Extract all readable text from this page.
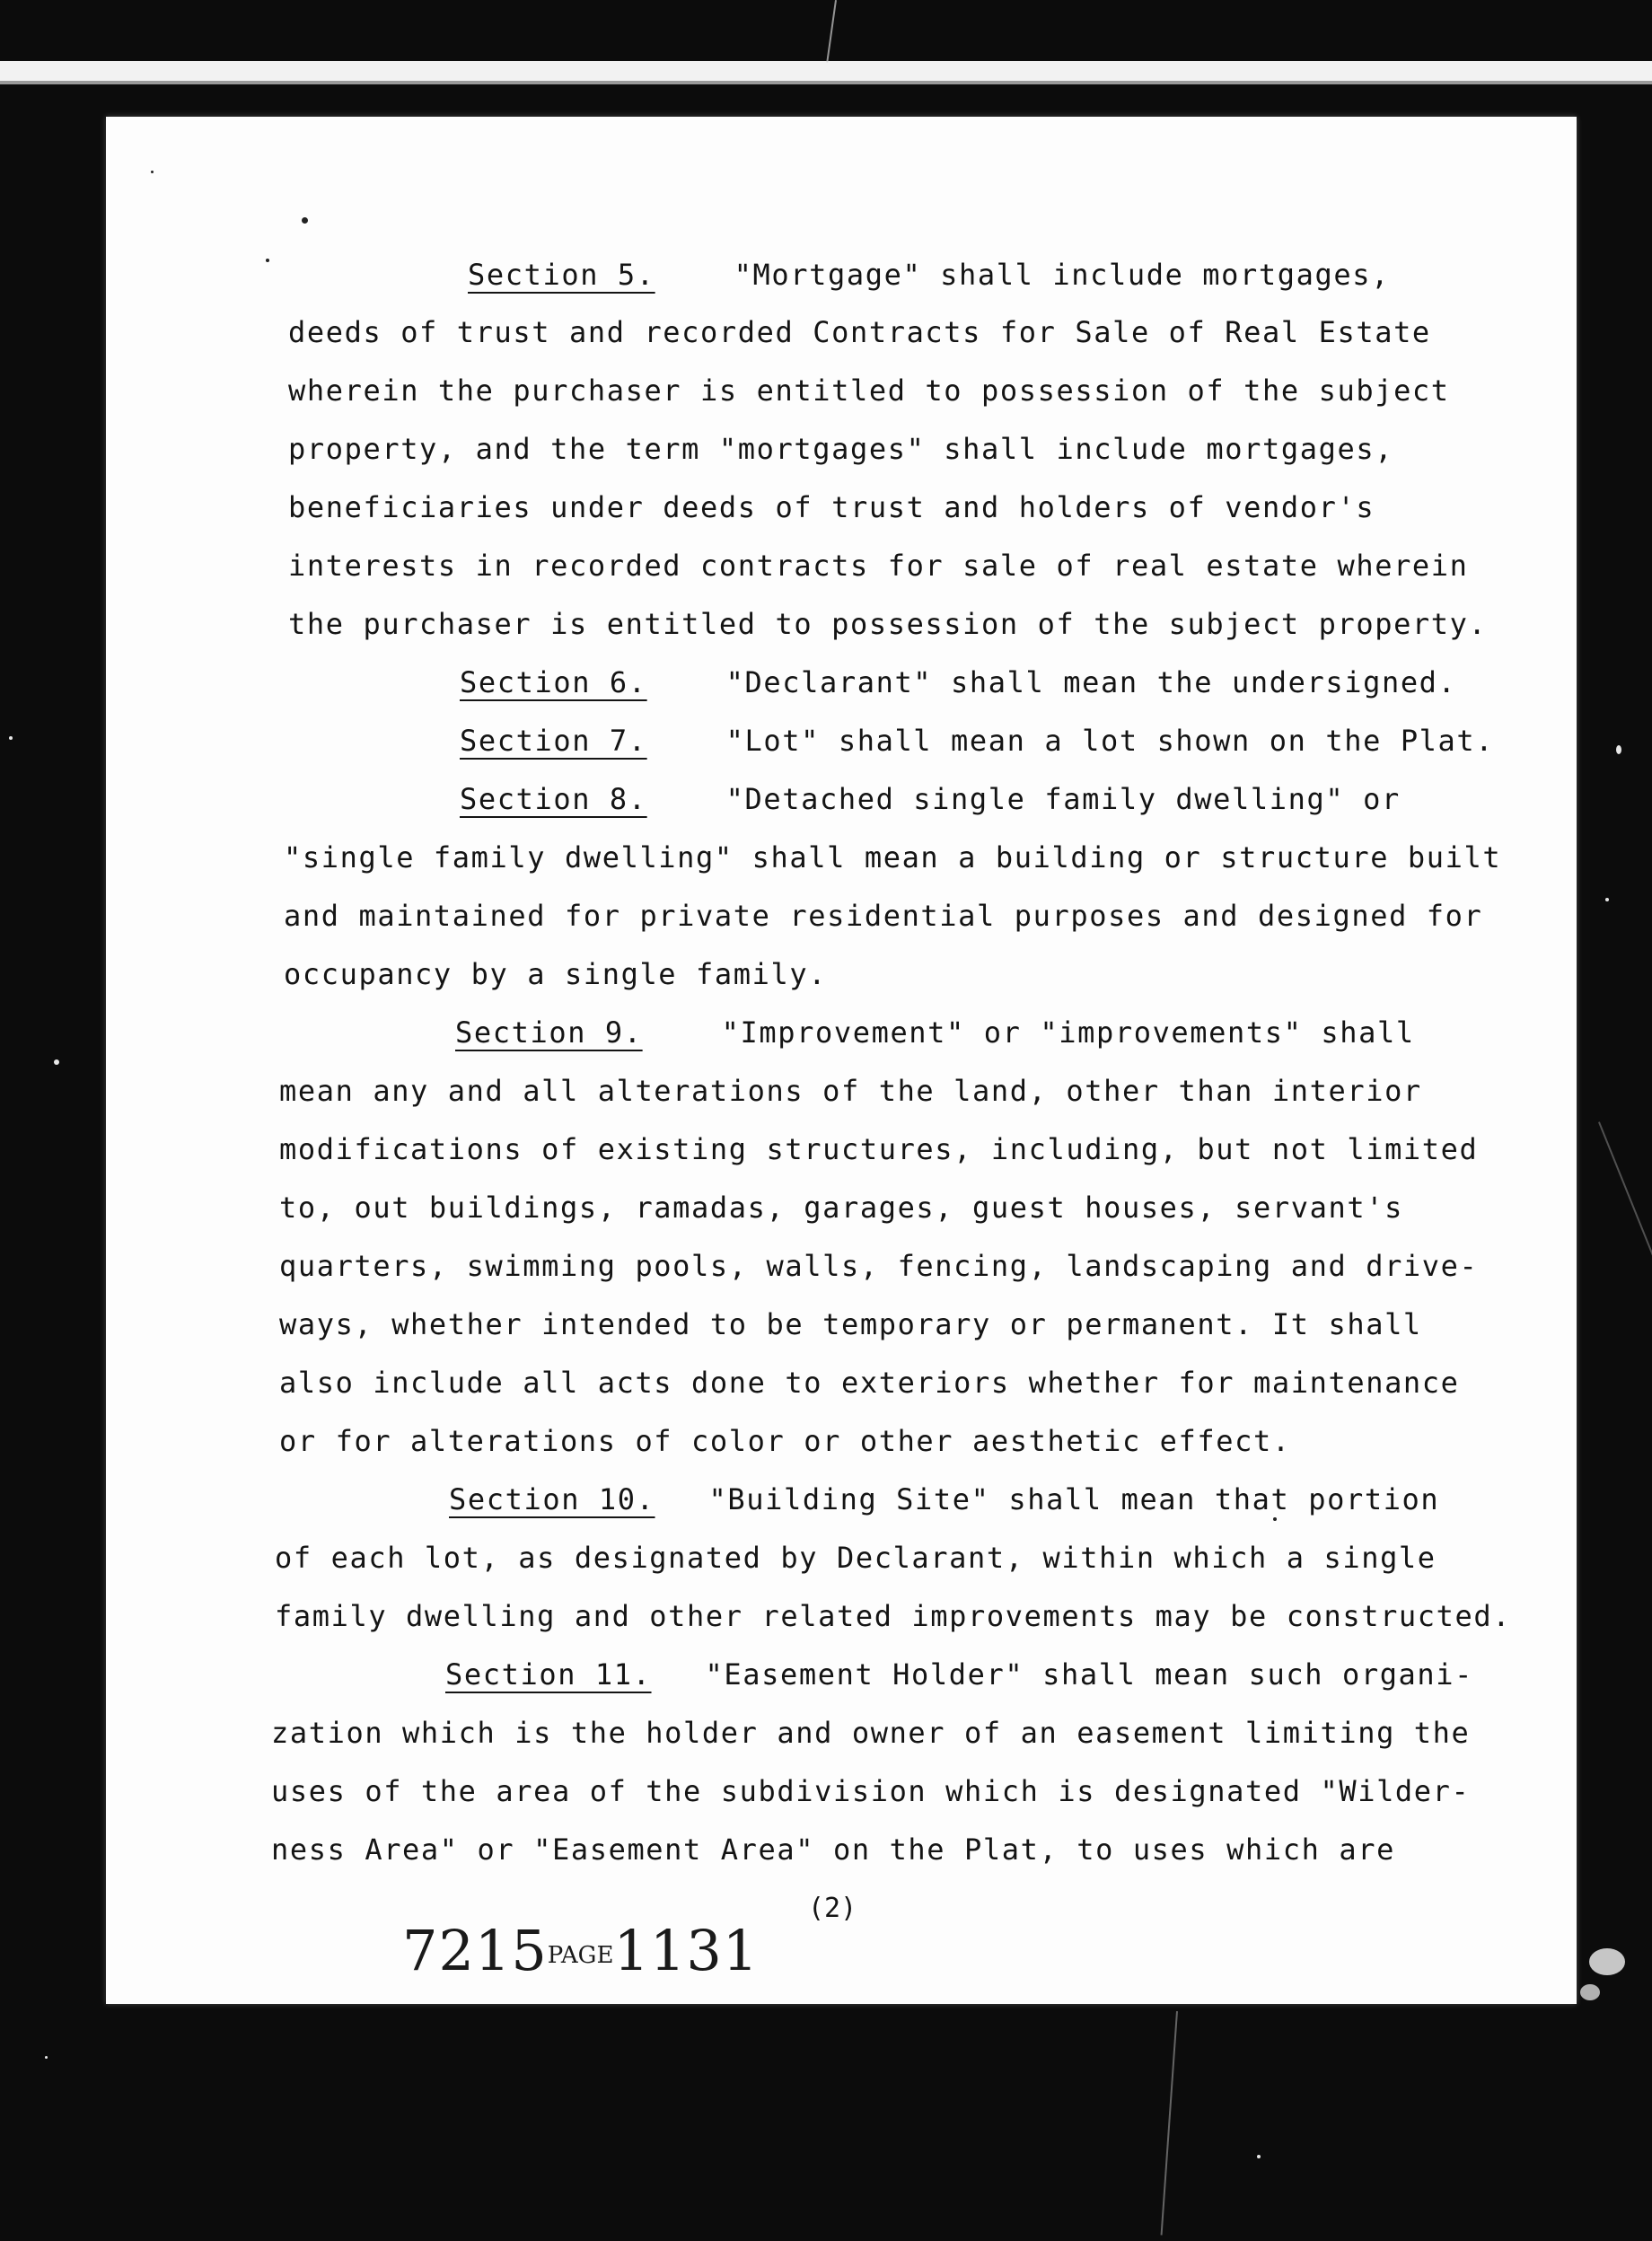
Section 5.	"Mortgage" shall include mortgages,
deeds of trust and recorded Contracts for Sale of Real Estate
wherein the purchaser is entitled to possession of the subject
property, and the term "mortgages" shall include mortgages,
beneficiaries under deeds of trust and holders of vendor's
interests in recorded contracts for sale of real estate wherein
the purchaser is entitled to possession of the subject property.
Section 6.	"Declarant" shall mean the undersigned.
Section 7.	"Lot" shall mean a lot shown on the Plat.
Section 8.	"Detached single family dwelling" or
"single family dwelling" shall mean a building or structure built
and maintained for private residential purposes and designed for
occupancy by a single family.
Section 9.	"Improvement" or "improvements" shall
mean any and all alterations of the land, other than interior
modifications of existing structures, including, but not limited
to, out buildings, ramadas, garages, guest houses, servant's
quarters, swimming pools, walls, fencing, landscaping and drive-
ways, whether intended to be temporary or permanent. It shall
also include all acts done to exteriors whether for maintenance
or for alterations of color or other aesthetic effect.
Section 10. "Building Site" shall mean that portion
of each lot, as designated by Declarant, within which a single
family dwelling and other related improvements may be constructed.
Section 11. "Easement Holder" shall mean such organi-
zation which is the holder and owner of an easement limiting the
uses of the area of the subdivision which is designated "Wilder-
ness Area" or "Easement Area" on the Plat, to uses which are
(2)
7215PAGE1131
